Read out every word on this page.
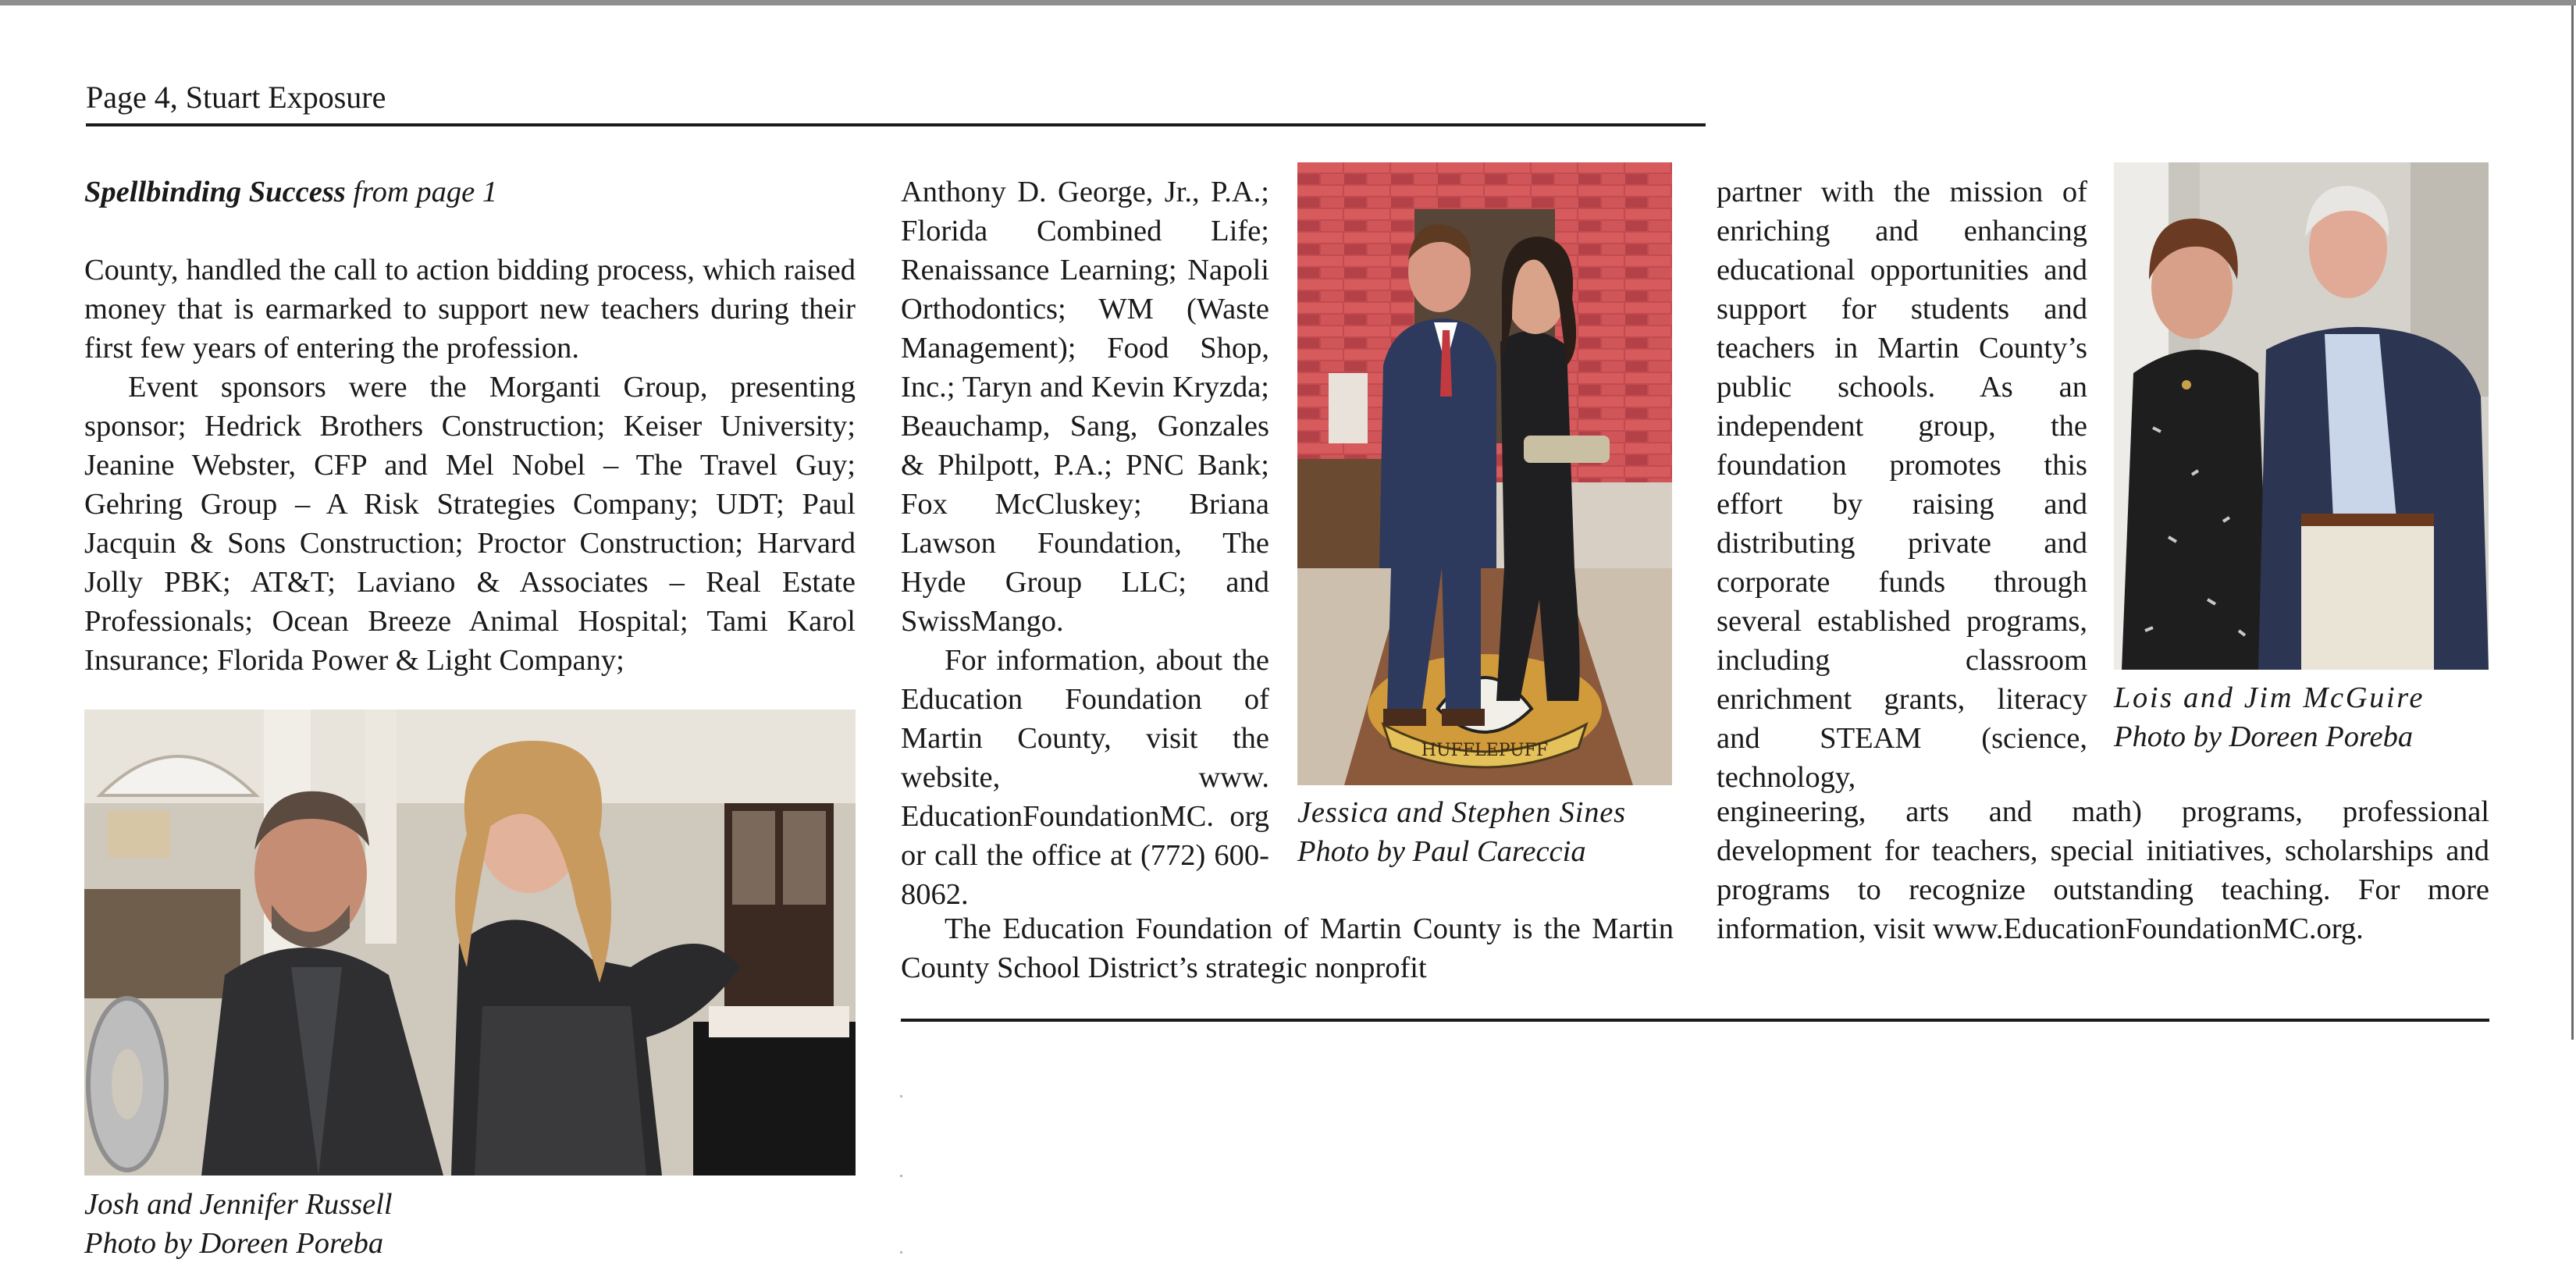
Page 4, Stuart Exposure

Spellbinding Success from page 1

County, handled the call to action bidding process, which raised money that is earmarked to support new teachers during their first few years of entering the profession.

Event sponsors were the Morganti Group, presenting sponsor; Hedrick Brothers Construction; Keiser University; Jeanine Webster, CFP and Mel Nobel – The Travel Guy; Gehring Group – A Risk Strategies Company; UDT; Paul Jacquin & Sons Construction; Proctor Construction; Harvard Jolly PBK; AT&T; Laviano & Associates – Real Estate Professionals; Ocean Breeze Animal Hospital; Tami Karol Insurance; Florida Power & Light Company;

Josh and Jennifer Russell
Photo by Doreen Poreba

Anthony D. George, Jr., P.A.; Florida Combined Life; Renaissance Learning; Napoli Orthodontics; WM (Waste Management); Food Shop, Inc.; Taryn and Kevin Kryzda; Beauchamp, Sang, Gonzales & Philpott, P.A.; PNC Bank; Fox McCluskey; Briana Lawson Foundation, The Hyde Group LLC; and SwissMango.

For information, about the Education Foundation of Martin County, visit the website, www. EducationFoundationMC. org or call the office at (772) 600-8062.

The Education Foundation of Martin County is the Martin County School District’s strategic nonprofit

HUFFLEPUFF
Jessica and Stephen Sines
Photo by Paul Careccia

partner with the mission of enriching and enhancing educational opportunities and support for students and teachers in Martin County’s public schools. As an independent group, the foundation promotes this effort by raising and distributing private and corporate funds through several established programs, including classroom enrichment grants, literacy and STEAM (science, technology,

engineering, arts and math) programs, professional development for teachers, special initiatives, scholarships and programs to recognize outstanding teaching. For more information, visit www.EducationFoundationMC.org.

Lois and Jim McGuire
Photo by Doreen Poreba
